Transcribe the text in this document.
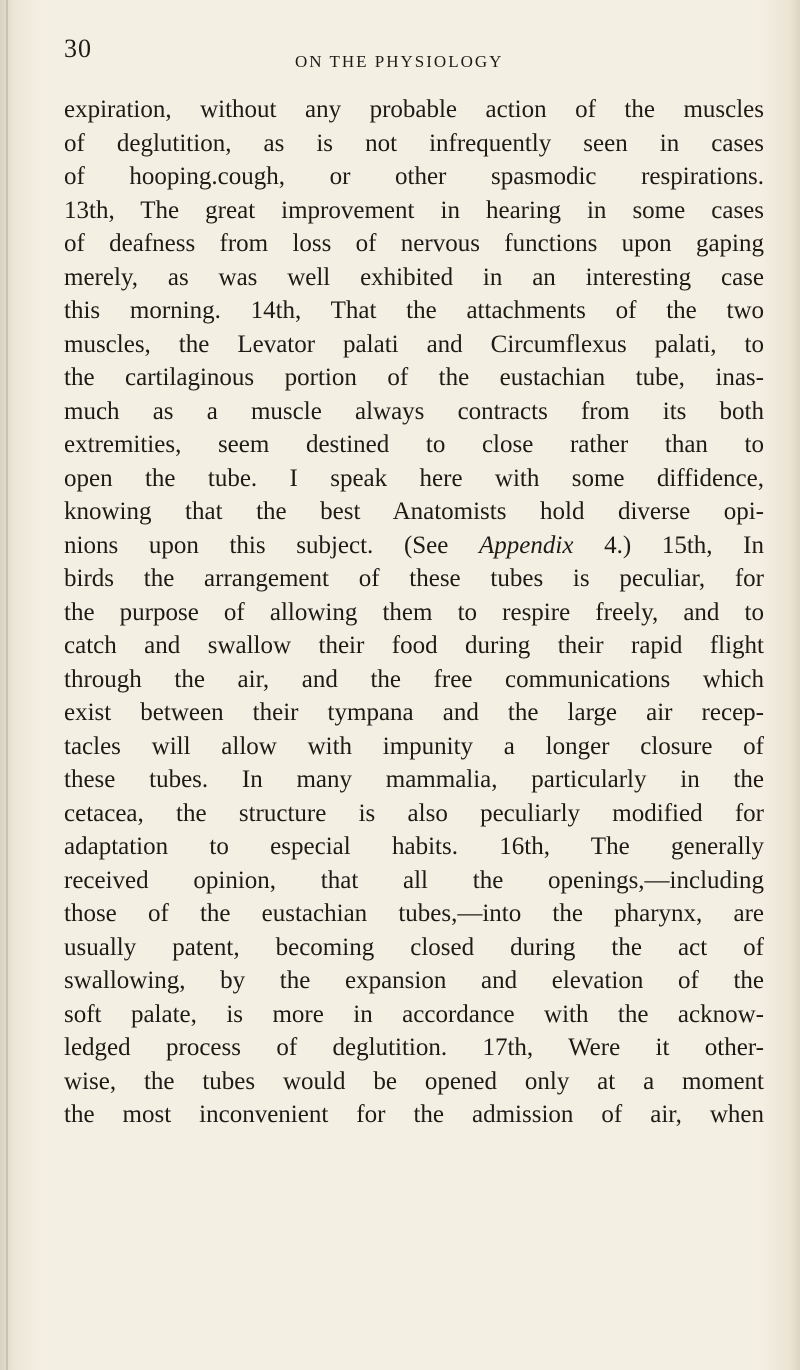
30	ON THE PHYSIOLOGY
expiration, without any probable action of the muscles
of deglutition, as is not infrequently seen in cases
of hooping.cough, or other spasmodic respirations.
13th, The great improvement in hearing in some cases
of deafness from loss of nervous functions upon gaping
merely, as was well exhibited in an interesting case
this morning. 14th, That the attachments of the two
muscles, the Levator palati and Circumflexus palati, to
the cartilaginous portion of the eustachian tube, inas-
much as a muscle always contracts from its both
extremities, seem destined to close rather than to
open the tube. I speak here with some diffidence,
knowing that the best Anatomists hold diverse opi-
nions upon this subject. (See Appendix 4.) 15th, In
birds the arrangement of these tubes is peculiar, for
the purpose of allowing them to respire freely, and to
catch and swallow their food during their rapid flight
through the air, and the free communications which
exist between their tympana and the large air recep-
tacles will allow with impunity a longer closure of
these tubes. In many mammalia, particularly in the
cetacea, the structure is also peculiarly modified for
adaptation to especial habits. 16th, The generally
received opinion, that all the openings,—including
those of the eustachian tubes,—into the pharynx, are
usually patent, becoming closed during the act of
swallowing, by the expansion and elevation of the
soft palate, is more in accordance with the acknow-
ledged process of deglutition. 17th, Were it other-
wise, the tubes would be opened only at a moment
the most inconvenient for the admission of air, when
